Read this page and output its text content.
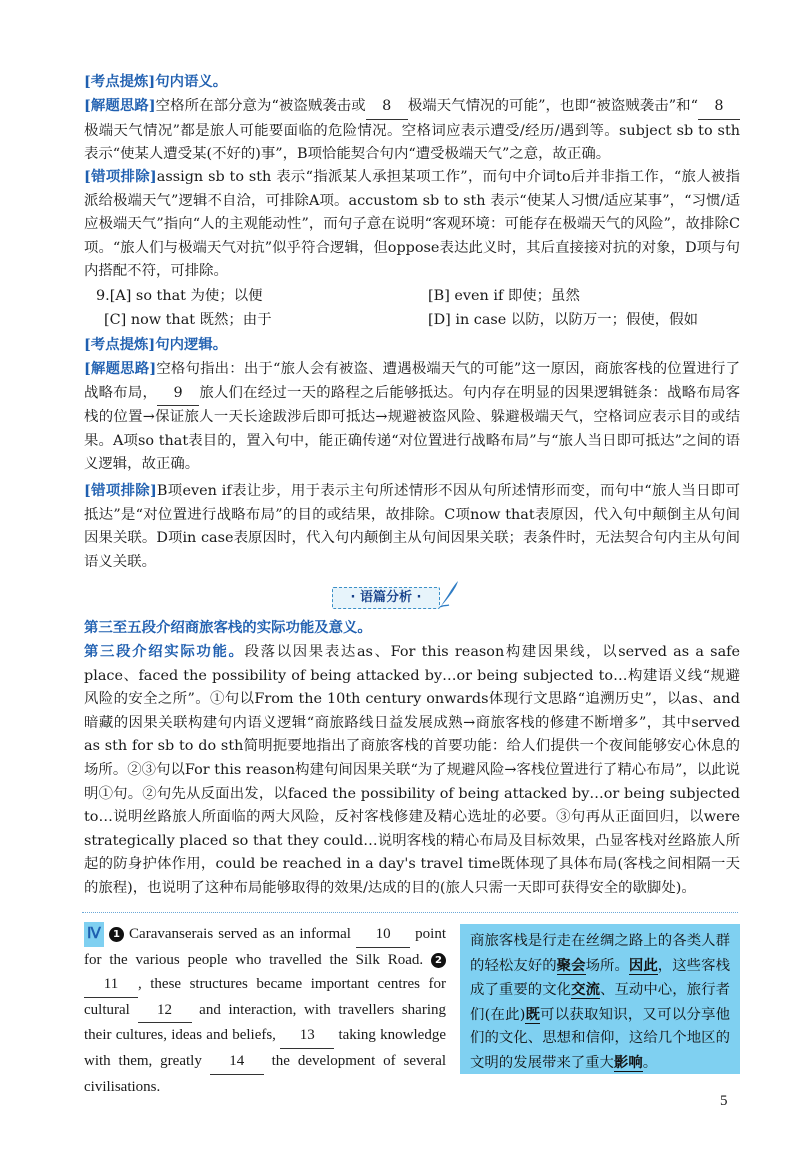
[考点提炼]句内语义。

[解题思路]空格所在部分意为“被盗贼袭击或 8 极端天气情况的可能”，也即“被盗贼袭击”和“ 8极端天气情况”都是旅人可能要面临的危险情况。空格词应表示遭受/经历/遇到等。subject sb to sth 表示“使某人遭受某(不好的)事”，B项恰能契合句内“遭受极端天气”之意，故正确。

[错项排除]assign sb to sth 表示“指派某人承担某项工作”，而句中介词to后并非指工作，“旅人被指派给极端天气”逻辑不自洽，可排除A项。accustom sb to sth 表示“使某人习惯/适应某事”，“习惯/适应极端天气”指向“人的主观能动性”，而句子意在说明“客观环境：可能存在极端天气的风险”，故排除C项。“旅人们与极端天气对抗”似乎符合逻辑，但oppose表达此义时，其后直接接对抗的对象，D项与句内搭配不符，可排除。

9.[A] so that 为使；以便	[B] even if 即使；虽然
[C] now that 既然；由于	[D] in case 以防，以防万一；假使，假如

[考点提炼]句内逻辑。

[解题思路]空格句指出：出于“旅人会有被盗、遭遇极端天气的可能”这一原因，商旅客栈的位置进行了战略布局， 9 旅人们在经过一天的路程之后能够抵达。句内存在明显的因果逻辑链条：战略布局客栈的位置→保证旅人一天长途跋涉后即可抵达→规避被盗风险、躲避极端天气，空格词应表示目的或结果。A项so that表目的，置入句中，能正确传递“对位置进行战略布局”与“旅人当日即可抵达”之间的语义逻辑，故正确。

[错项排除]B项even if表让步，用于表示主句所述情形不因从句所述情形而变，而句中“旅人当日即可抵达”是“对位置进行战略布局”的目的或结果，故排除。C项now that表原因，代入句中颠倒主从句间因果关联。D项in case表原因时，代入句内颠倒主从句间因果关联；表条件时，无法契合句内主从句间语义关联。

· 语篇分析 ·

第三至五段介绍商旅客栈的实际功能及意义。

第三段介绍实际功能。段落以因果表达as、For this reason构建因果线，以served as a safe place、faced the possibility of being attacked by…or being subjected to…构建语义线“规避风险的安全之所”。①句以From the 10th century onwards体现行文思路“追溯历史”，以as、and暗藏的因果关联构建句内语义逻辑“商旅路线日益发展成熟→商旅客栈的修建不断增多”，其中served as sth for sb to do sth简明扼要地指出了商旅客栈的首要功能：给人们提供一个夜间能够安心休息的场所。②③句以For this reason构建句间因果关联“为了规避风险→客栈位置进行了精心布局”，以此说明①句。②句先从反面出发，以faced the possibility of being attacked by…or being subjected to…说明丝路旅人所面临的两大风险，反衬客栈修建及精心选址的必要。③句再从正面回归，以were strategically placed so that they could…说明客栈的精心布局及目标效果，凸显客栈对丝路旅人所起的防身护体作用，could be reached in a day's travel time既体现了具体布局(客栈之间相隔一天的旅程)，也说明了这种布局能够取得的效果/达成的目的(旅人只需一天即可获得安全的歇脚处)。

Ⅳ 1 Caravanserais served as an informal 10 point for the various people who travelled the Silk Road. 2 11 , these structures became important centres for cultural 12 and interaction, with travellers sharing their cultures, ideas and beliefs, 13 taking knowledge with them, greatly 14 the development of several civilisations.

商旅客栈是行走在丝绸之路上的各类人群的轻松友好的聚会场所。因此，这些客栈成了重要的文化交流、互动中心，旅行者们(在此)既可以获取知识，又可以分享他们的文化、思想和信仰，这给几个地区的文明的发展带来了重大影响。
5
